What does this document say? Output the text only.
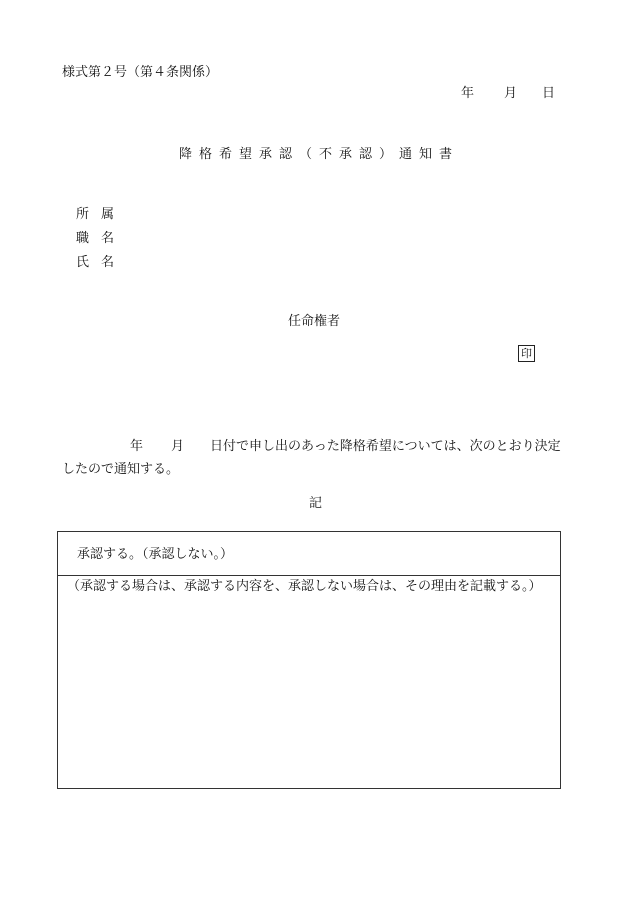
様式第２号（第４条関係）
年 月 日
降格希望承認（不承認）通知書
所属
職名
氏名
任命権者
印
年 月 日付で申し出のあった降格希望については、次のとおり決定
したので通知する。
記
承認する。（承認しない。）
（承認する場合は、承認する内容を、承認しない場合は、その理由を記載する。）
